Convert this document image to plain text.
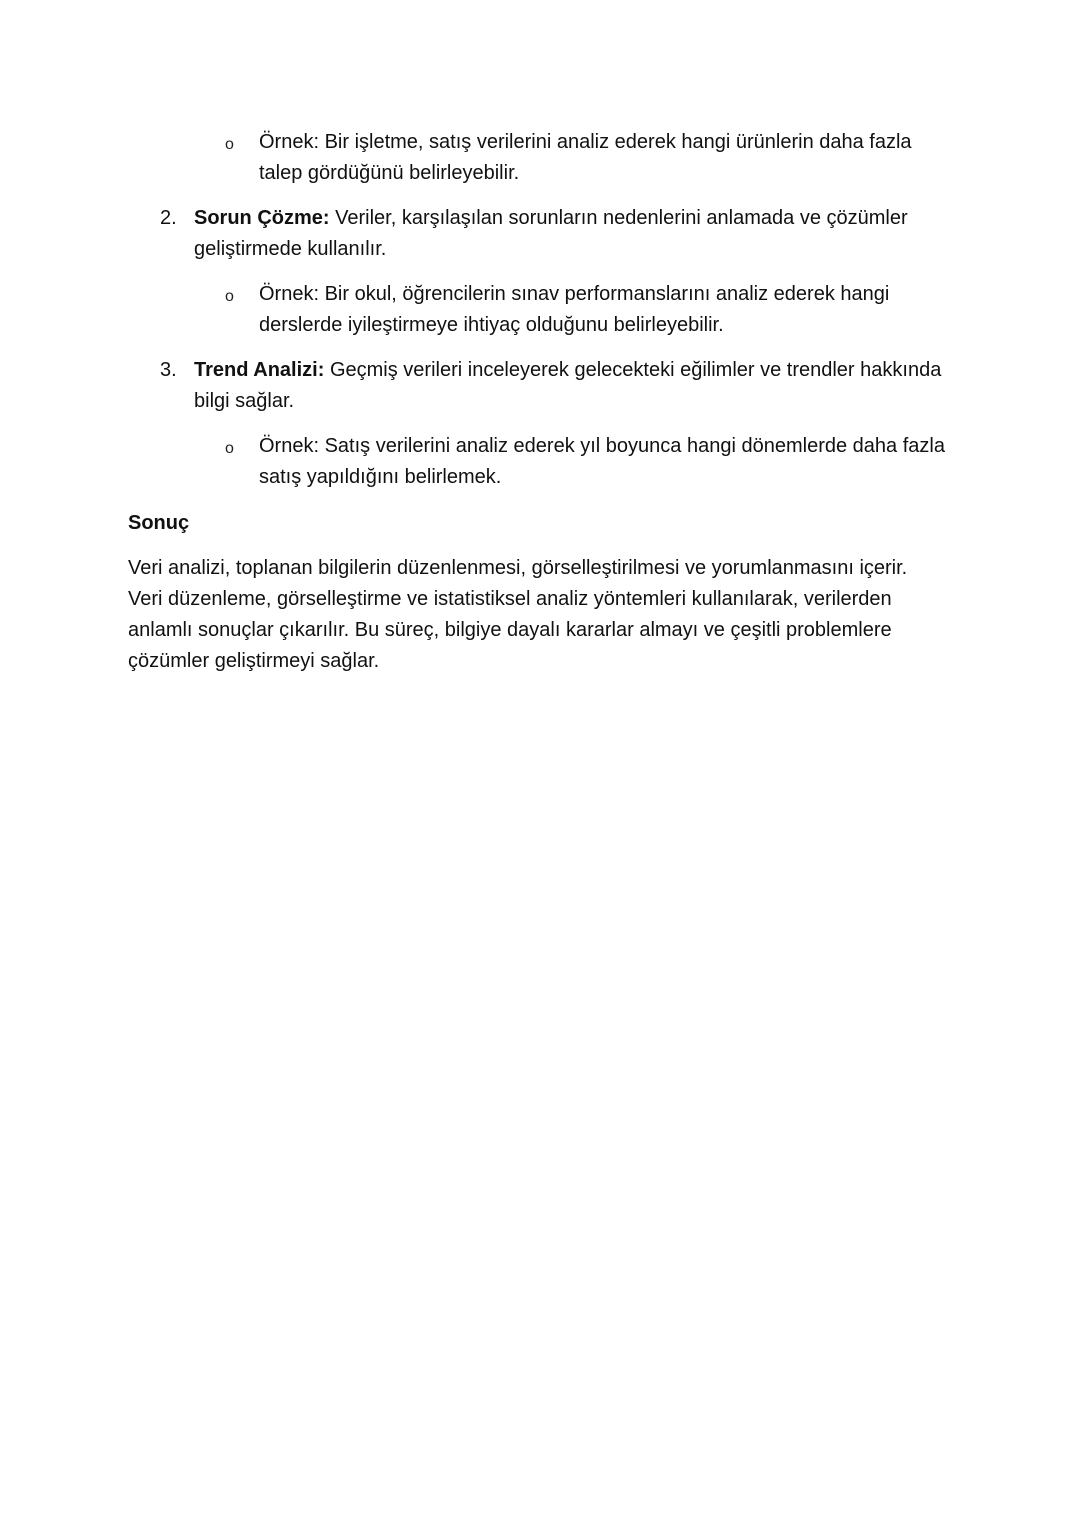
o Örnek: Bir işletme, satış verilerini analiz ederek hangi ürünlerin daha fazla talep gördüğünü belirleyebilir.
2. Sorun Çözme: Veriler, karşılaşılan sorunların nedenlerini anlamada ve çözümler geliştirmede kullanılır.
o Örnek: Bir okul, öğrencilerin sınav performanslarını analiz ederek hangi derslerde iyileştirmeye ihtiyaç olduğunu belirleyebilir.
3. Trend Analizi: Geçmiş verileri inceleyerek gelecekteki eğilimler ve trendler hakkında bilgi sağlar.
o Örnek: Satış verilerini analiz ederek yıl boyunca hangi dönemlerde daha fazla satış yapıldığını belirlemek.
Sonuç

Veri analizi, toplanan bilgilerin düzenlenmesi, görselleştirilmesi ve yorumlanmasını içerir. Veri düzenleme, görselleştirme ve istatistiksel analiz yöntemleri kullanılarak, verilerden anlamlı sonuçlar çıkarılır. Bu süreç, bilgiye dayalı kararlar almayı ve çeşitli problemlere çözümler geliştirmeyi sağlar.
